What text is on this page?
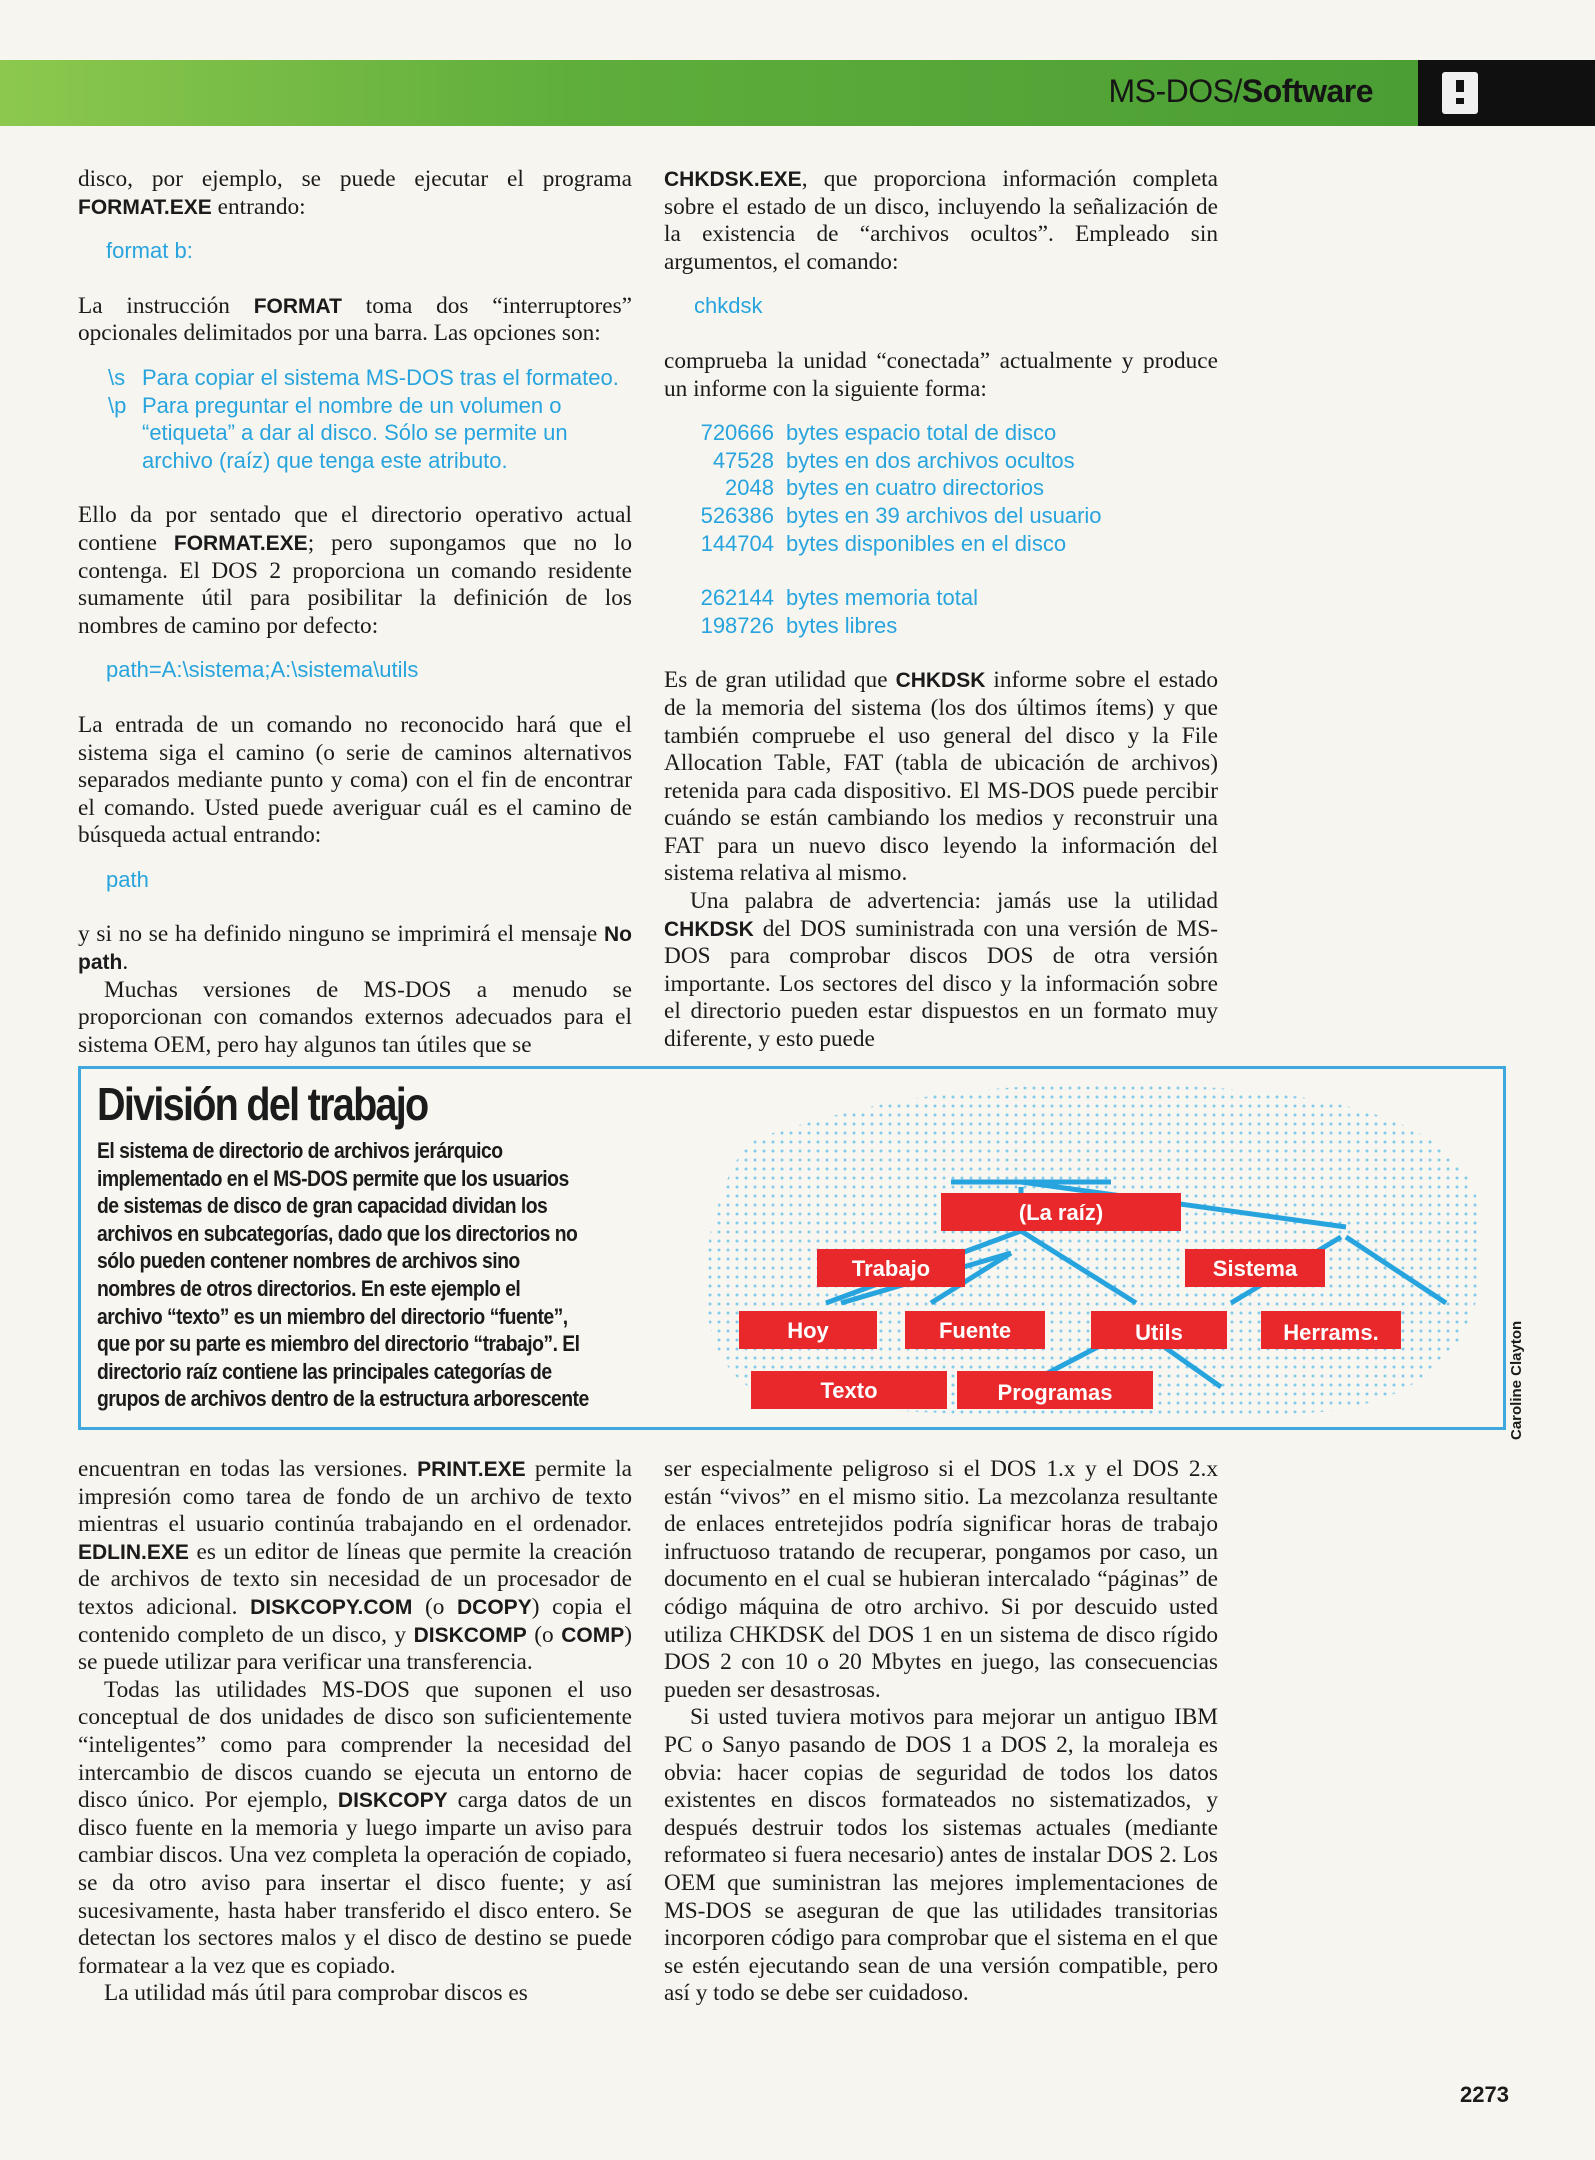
MS-DOS/Software

disco, por ejemplo, se puede ejecutar el programa FORMAT.EXE entrando:

format b:

La instrucción FORMAT toma dos “interruptores” opcionales delimitados por una barra. Las opciones son:

\s Para copiar el sistema MS-DOS tras el formateo.
\p Para preguntar el nombre de un volumen o “etiqueta” a dar al disco. Sólo se permite un archivo (raíz) que tenga este atributo.

Ello da por sentado que el directorio operativo actual contiene FORMAT.EXE; pero supongamos que no lo contenga. El DOS 2 proporciona un comando residente sumamente útil para posibilitar la definición de los nombres de camino por defecto:

path=A:\sistema;A:\sistema\utils

La entrada de un comando no reconocido hará que el sistema siga el camino (o serie de caminos alternativos separados mediante punto y coma) con el fin de encontrar el comando. Usted puede averiguar cuál es el camino de búsqueda actual entrando:

path

y si no se ha definido ninguno se imprimirá el mensaje No path.

Muchas versiones de MS-DOS a menudo se proporcionan con comandos externos adecuados para el sistema OEM, pero hay algunos tan útiles que se

CHKDSK.EXE, que proporciona información completa sobre el estado de un disco, incluyendo la señalización de la existencia de “archivos ocultos”. Empleado sin argumentos, el comando:

chkdsk

comprueba la unidad “conectada” actualmente y produce un informe con la siguiente forma:

720666 bytes espacio total de disco
47528 bytes en dos archivos ocultos
2048 bytes en cuatro directorios
526386 bytes en 39 archivos del usuario
144704 bytes disponibles en el disco
262144 bytes memoria total
198726 bytes libres

Es de gran utilidad que CHKDSK informe sobre el estado de la memoria del sistema (los dos últimos ítems) y que también compruebe el uso general del disco y la File Allocation Table, FAT (tabla de ubicación de archivos) retenida para cada dispositivo. El MS-DOS puede percibir cuándo se están cambiando los medios y reconstruir una FAT para un nuevo disco leyendo la información del sistema relativa al mismo.

Una palabra de advertencia: jamás use la utilidad CHKDSK del DOS suministrada con una versión de MS-DOS para comprobar discos DOS de otra versión importante. Los sectores del disco y la información sobre el directorio pueden estar dispuestos en un formato muy diferente, y esto puede

División del trabajo

El sistema de directorio de archivos jerárquico implementado en el MS-DOS permite que los usuarios de sistemas de disco de gran capacidad dividan los archivos en subcategorías, dado que los directorios no sólo pueden contener nombres de archivos sino nombres de otros directorios. En este ejemplo el archivo “texto” es un miembro del directorio “fuente”, que por su parte es miembro del directorio “trabajo”. El directorio raíz contiene las principales categorías de grupos de archivos dentro de la estructura arborescente

(La raíz)
Trabajo	Sistema
Hoy	Fuente	Utils	Herrams.
Texto	Programas	Caroline Clayton

encuentran en todas las versiones. PRINT.EXE permite la impresión como tarea de fondo de un archivo de texto mientras el usuario continúa trabajando en el ordenador. EDLIN.EXE es un editor de líneas que permite la creación de archivos de texto sin necesidad de un procesador de textos adicional. DISKCOPY.COM (o DCOPY) copia el contenido completo de un disco, y DISKCOMP (o COMP) se puede utilizar para verificar una transferencia.

Todas las utilidades MS-DOS que suponen el uso conceptual de dos unidades de disco son suficientemente “inteligentes” como para comprender la necesidad del intercambio de discos cuando se ejecuta un entorno de disco único. Por ejemplo, DISKCOPY carga datos de un disco fuente en la memoria y luego imparte un aviso para cambiar discos. Una vez completa la operación de copiado, se da otro aviso para insertar el disco fuente; y así sucesivamente, hasta haber transferido el disco entero. Se detectan los sectores malos y el disco de destino se puede formatear a la vez que es copiado.

La utilidad más útil para comprobar discos es

ser especialmente peligroso si el DOS 1.x y el DOS 2.x están “vivos” en el mismo sitio. La mezcolanza resultante de enlaces entretejidos podría significar horas de trabajo infructuoso tratando de recuperar, pongamos por caso, un documento en el cual se hubieran intercalado “páginas” de código máquina de otro archivo. Si por descuido usted utiliza CHKDSK del DOS 1 en un sistema de disco rígido DOS 2 con 10 o 20 Mbytes en juego, las consecuencias pueden ser desastrosas.

Si usted tuviera motivos para mejorar un antiguo IBM PC o Sanyo pasando de DOS 1 a DOS 2, la moraleja es obvia: hacer copias de seguridad de todos los datos existentes en discos formateados no sistematizados, y después destruir todos los sistemas actuales (mediante reformateo si fuera necesario) antes de instalar DOS 2. Los OEM que suministran las mejores implementaciones de MS-DOS se aseguran de que las utilidades transitorias incorporen código para comprobar que el sistema en el que se estén ejecutando sean de una versión compatible, pero así y todo se debe ser cuidadoso.

2273
